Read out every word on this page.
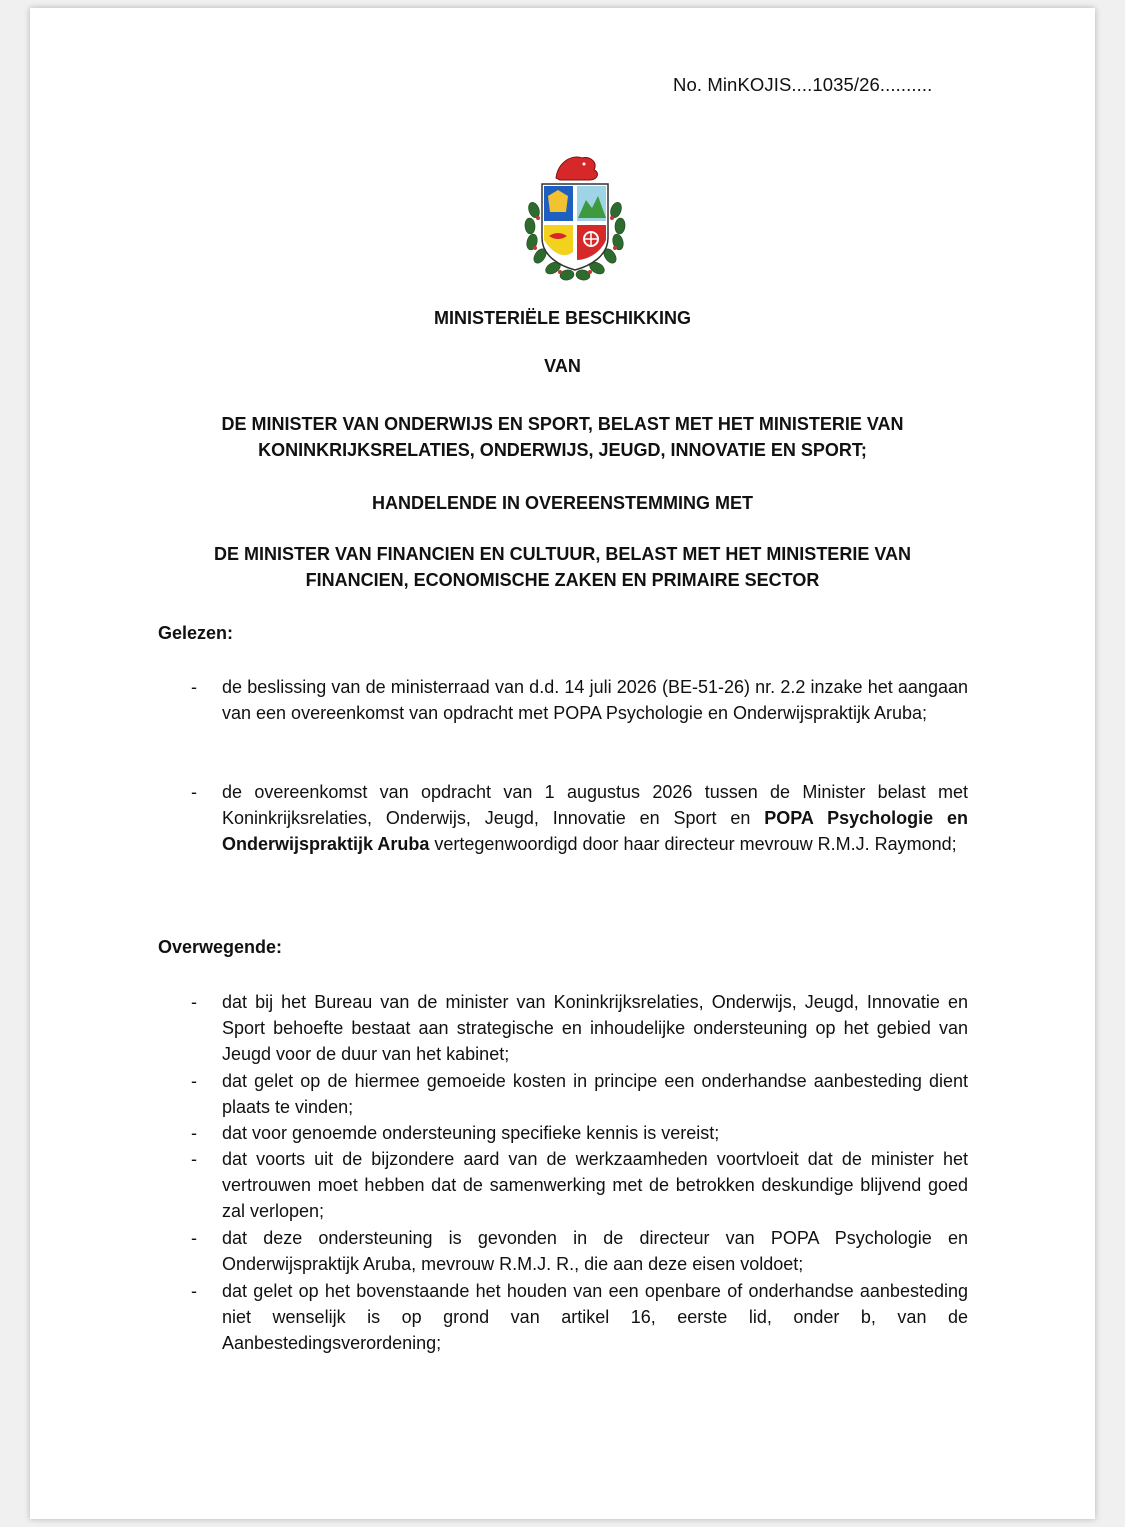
No. MinKOJIS....1035/26..........
MINISTERIËLE BESCHIKKING
VAN
DE MINISTER VAN ONDERWIJS EN SPORT, BELAST MET HET MINISTERIE VAN KONINKRIJKSRELATIES, ONDERWIJS, JEUGD, INNOVATIE EN SPORT;
HANDELENDE IN OVEREENSTEMMING MET
DE MINISTER VAN FINANCIEN EN CULTUUR, BELAST MET HET MINISTERIE VAN FINANCIEN, ECONOMISCHE ZAKEN EN PRIMAIRE SECTOR
Gelezen:
- de beslissing van de ministerraad van d.d. 14 juli 2026 (BE-51-26) nr. 2.2 inzake het aangaan van een overeenkomst van opdracht met POPA Psychologie en Onderwijspraktijk Aruba;
- de overeenkomst van opdracht van 1 augustus 2026 tussen de Minister belast met Koninkrijksrelaties, Onderwijs, Jeugd, Innovatie en Sport en POPA Psychologie en Onderwijspraktijk Aruba vertegenwoordigd door haar directeur mevrouw R.M.J. Raymond;
Overwegende:
- dat bij het Bureau van de minister van Koninkrijksrelaties, Onderwijs, Jeugd, Innovatie en Sport behoefte bestaat aan strategische en inhoudelijke ondersteuning op het gebied van Jeugd voor de duur van het kabinet;
- dat gelet op de hiermee gemoeide kosten in principe een onderhandse aanbesteding dient plaats te vinden;
- dat voor genoemde ondersteuning specifieke kennis is vereist;
- dat voorts uit de bijzondere aard van de werkzaamheden voortvloeit dat de minister het vertrouwen moet hebben dat de samenwerking met de betrokken deskundige blijvend goed zal verlopen;
- dat deze ondersteuning is gevonden in de directeur van POPA Psychologie en Onderwijspraktijk Aruba, mevrouw R.M.J. R., die aan deze eisen voldoet;
- dat gelet op het bovenstaande het houden van een openbare of onderhandse aanbesteding niet wenselijk is op grond van artikel 16, eerste lid, onder b, van de Aanbestedingsverordening;
